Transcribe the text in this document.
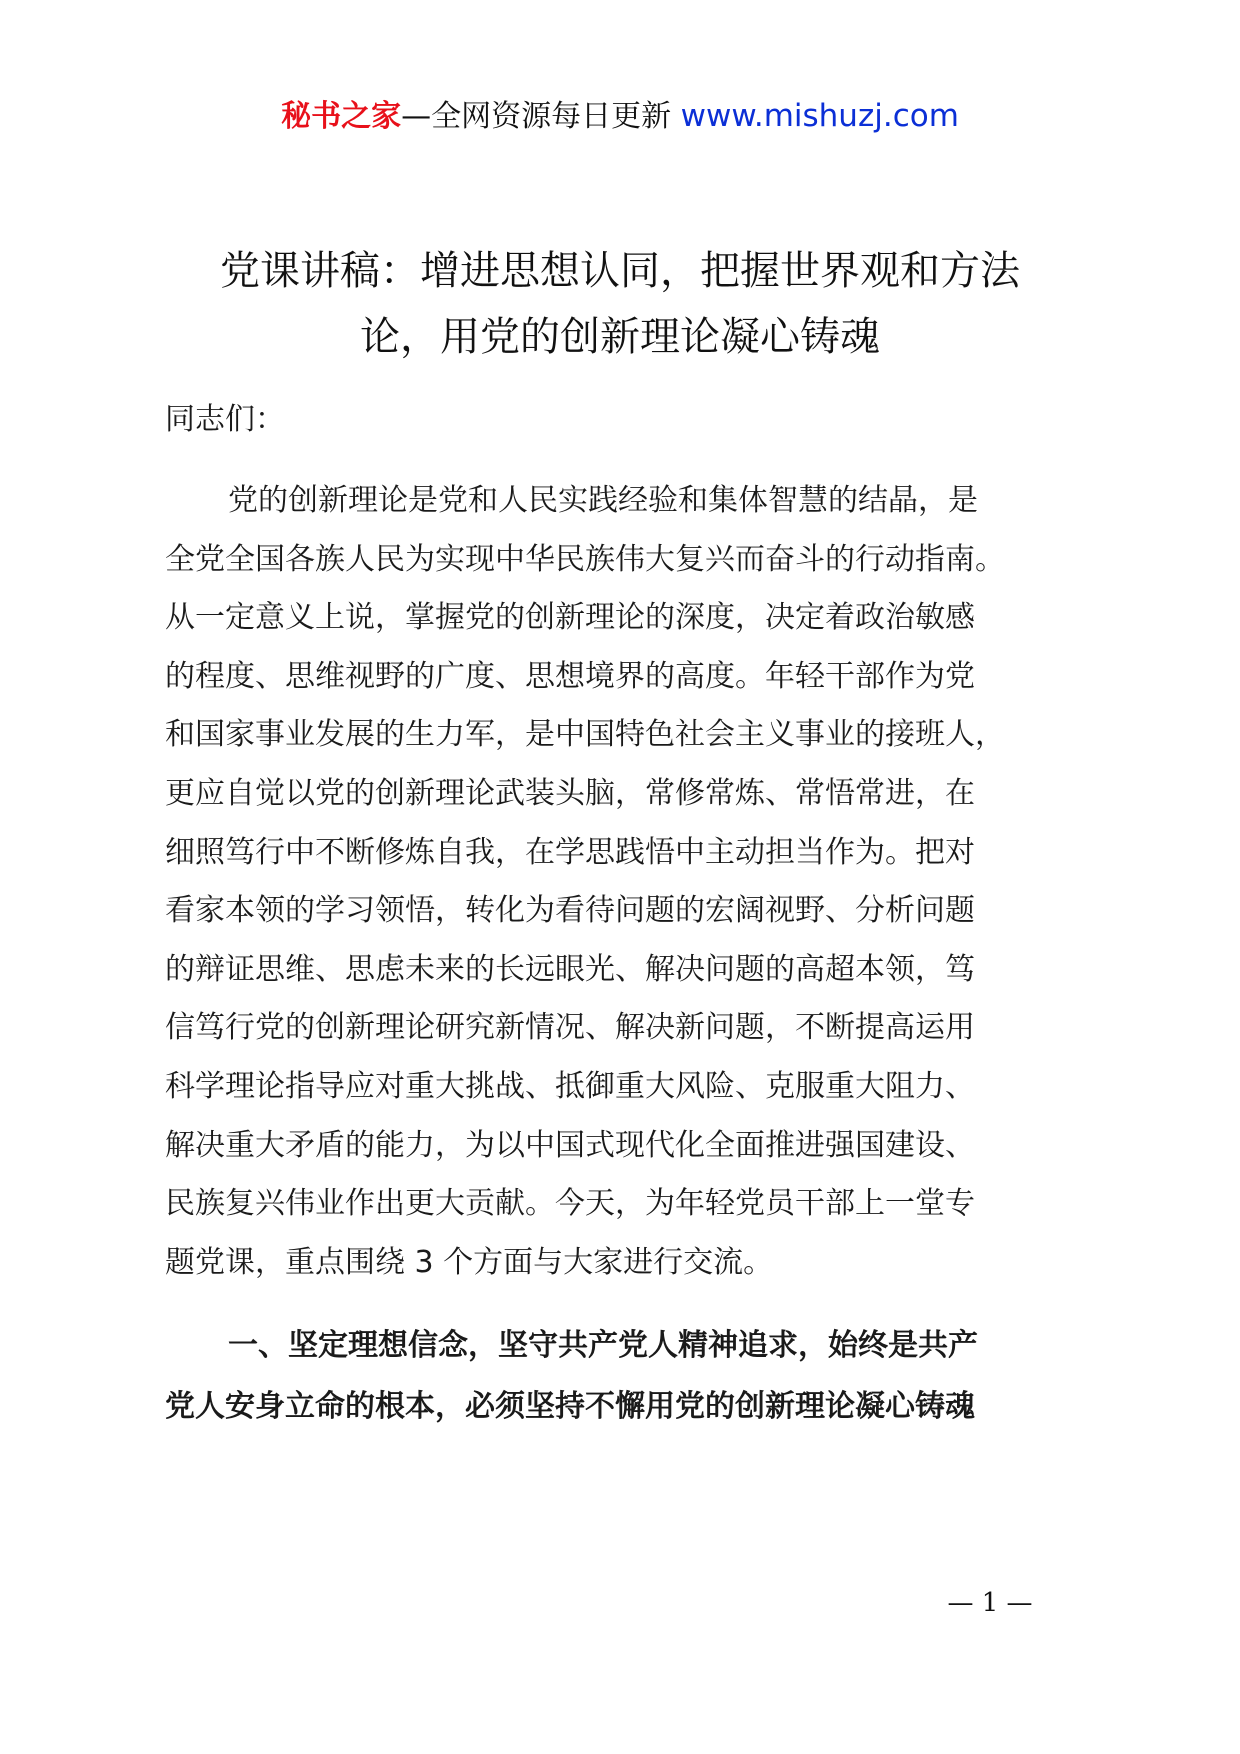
秘书之家—全网资源每日更新 www.mishuzj.com
党课讲稿：增进思想认同，把握世界观和方法
论，用党的创新理论凝心铸魂

同志们：

党的创新理论是党和人民实践经验和集体智慧的结晶，是
全党全国各族人民为实现中华民族伟大复兴而奋斗的行动指南。
从一定意义上说，掌握党的创新理论的深度，决定着政治敏感
的程度、思维视野的广度、思想境界的高度。年轻干部作为党
和国家事业发展的生力军，是中国特色社会主义事业的接班人，
更应自觉以党的创新理论武装头脑，常修常炼、常悟常进，在
细照笃行中不断修炼自我，在学思践悟中主动担当作为。把对
看家本领的学习领悟，转化为看待问题的宏阔视野、分析问题
的辩证思维、思虑未来的长远眼光、解决问题的高超本领，笃
信笃行党的创新理论研究新情况、解决新问题，不断提高运用
科学理论指导应对重大挑战、抵御重大风险、克服重大阻力、
解决重大矛盾的能力，为以中国式现代化全面推进强国建设、
民族复兴伟业作出更大贡献。今天，为年轻党员干部上一堂专
题党课，重点围绕 3 个方面与大家进行交流。
一、坚定理想信念，坚守共产党人精神追求，始终是共产
党人安身立命的根本，必须坚持不懈用党的创新理论凝心铸魂
— 1 —
